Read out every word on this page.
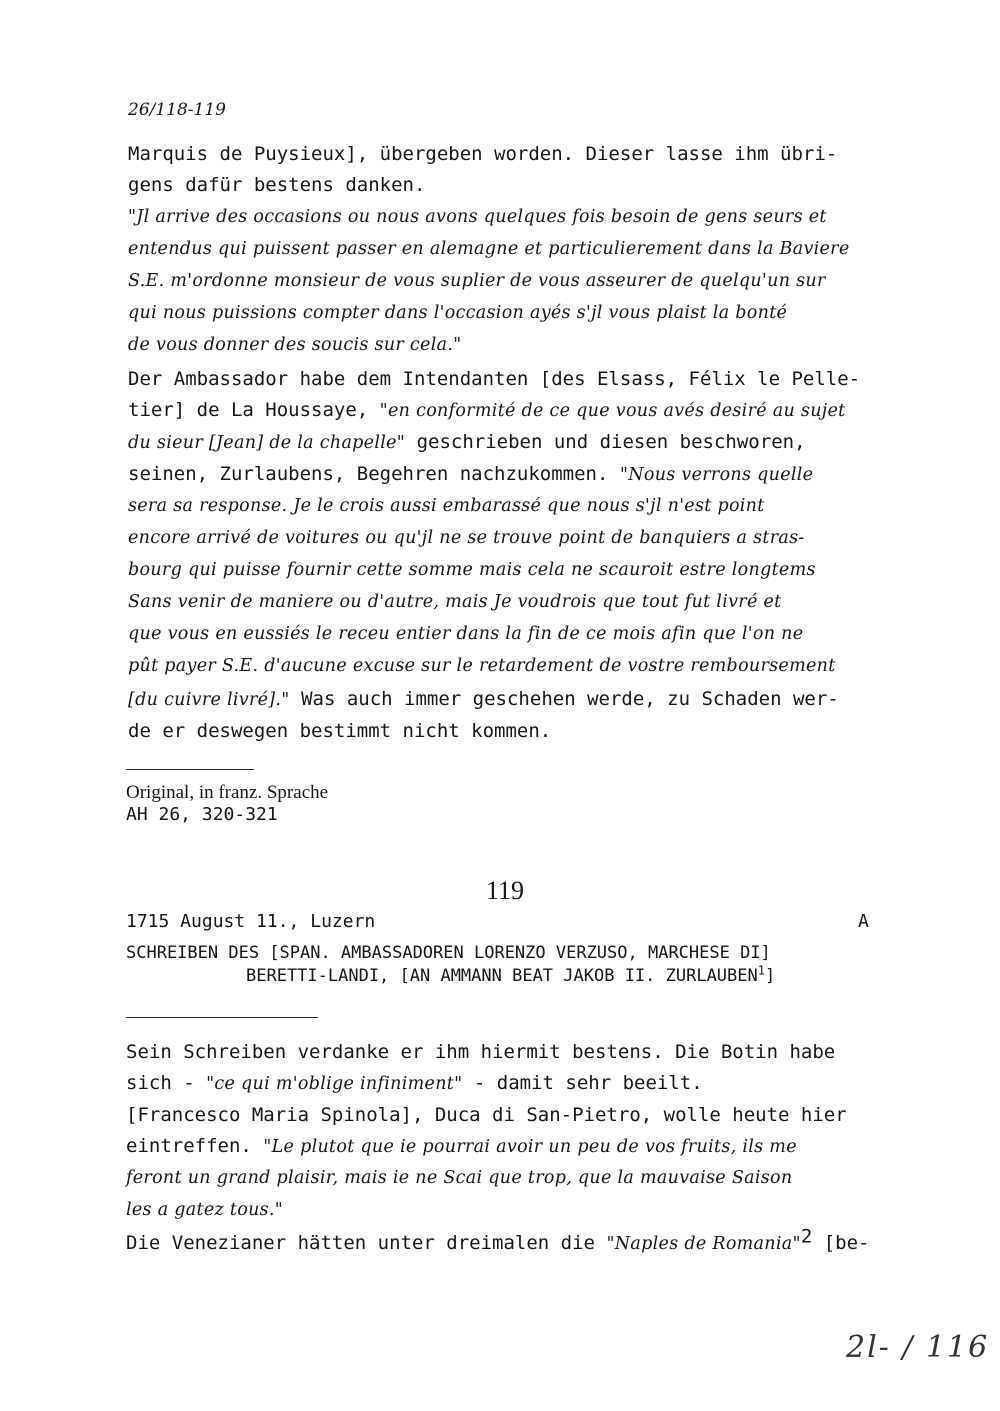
26/118-119
Marquis de Puysieux], übergeben worden. Dieser lasse ihm übri-
gens dafür bestens danken.
"Jl arrive des occasions ou nous avons quelques fois besoin de gens seurs et
entendus qui puissent passer en alemagne et particulierement dans la Baviere
S.E. m'ordonne monsieur de vous suplier de vous asseurer de quelqu'un sur
qui nous puissions compter dans l'occasion ayés s'jl vous plaist la bonté
de vous donner des soucis sur cela."
Der Ambassador habe dem Intendanten [des Elsass, Félix le Pelle-
tier] de La Houssaye, "en conformité de ce que vous avés desiré au sujet
du sieur [Jean] de la chapelle" geschrieben und diesen beschworen,
seinen, Zurlaubens, Begehren nachzukommen. "Nous verrons quelle
sera sa response. Je le crois aussi embarassé que nous s'jl n'est point
encore arrivé de voitures ou qu'jl ne se trouve point de banquiers a stras-
bourg qui puisse fournir cette somme mais cela ne scauroit estre longtems
Sans venir de maniere ou d'autre, mais Je voudrois que tout fut livré et
que vous en eussiés le receu entier dans la fin de ce mois afin que l'on ne
pût payer S.E. d'aucune excuse sur le retardement de vostre remboursement
[du cuivre livré]." Was auch immer geschehen werde, zu Schaden wer-
de er deswegen bestimmt nicht kommen.
Original, in franz. Sprache
AH 26, 320-321
119
1715 August 11., Luzern	A
SCHREIBEN DES [SPAN. AMBASSADOREN LORENZO VERZUSO, MARCHESE DI]
BERETTI-LANDI, [AN AMMANN BEAT JAKOB II. ZURLAUBEN$^1$]
Sein Schreiben verdanke er ihm hiermit bestens. Die Botin habe
sich - "ce qui m'oblige infiniment" - damit sehr beeilt.
[Francesco Maria Spinola], Duca di San-Pietro, wolle heute hier
eintreffen. "Le plutot que ie pourrai avoir un peu de vos fruits, ils me
feront un grand plaisir, mais ie ne Scai que trop, que la mauvaise Saison
les a gatez tous."
Die Venezianer hätten unter dreimalen die "Naples de Romania"$^2$ [be-
2l- / 116
